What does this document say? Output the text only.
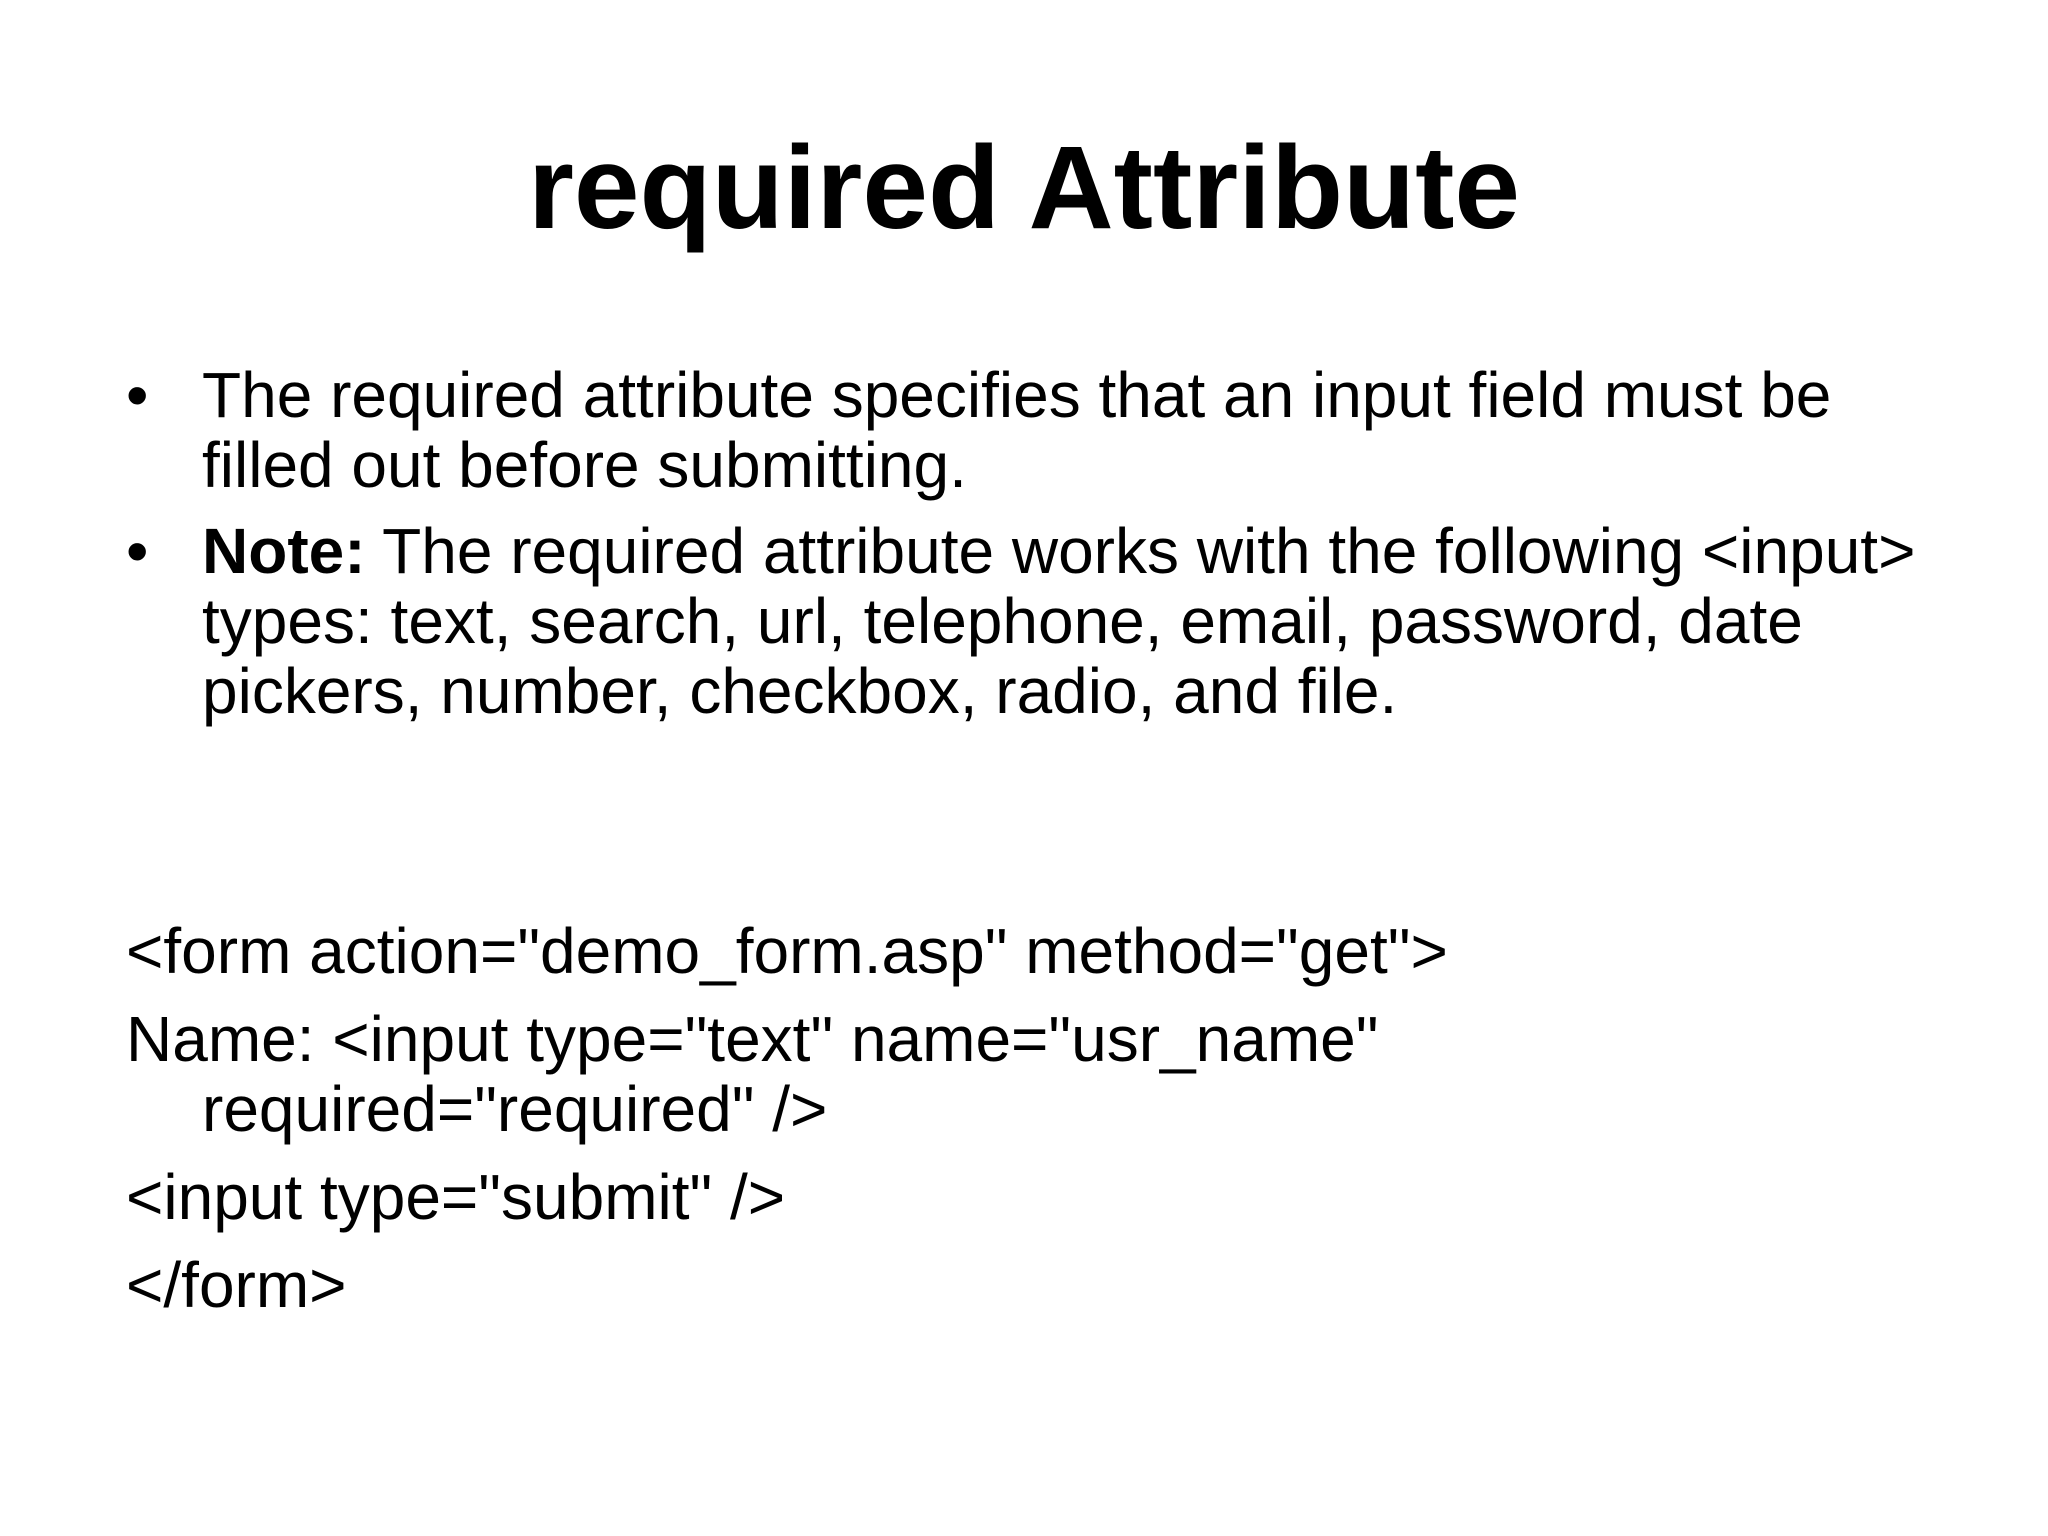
required Attribute
• The required attribute specifies that an input field must be filled out before submitting.
• Note: The required attribute works with the following <input> types: text, search, url, telephone, email, password, date pickers, number, checkbox, radio, and file.
<form action="demo_form.asp" method="get">
Name: <input type="text" name="usr_name" required="required" />
<input type="submit" />
</form>
